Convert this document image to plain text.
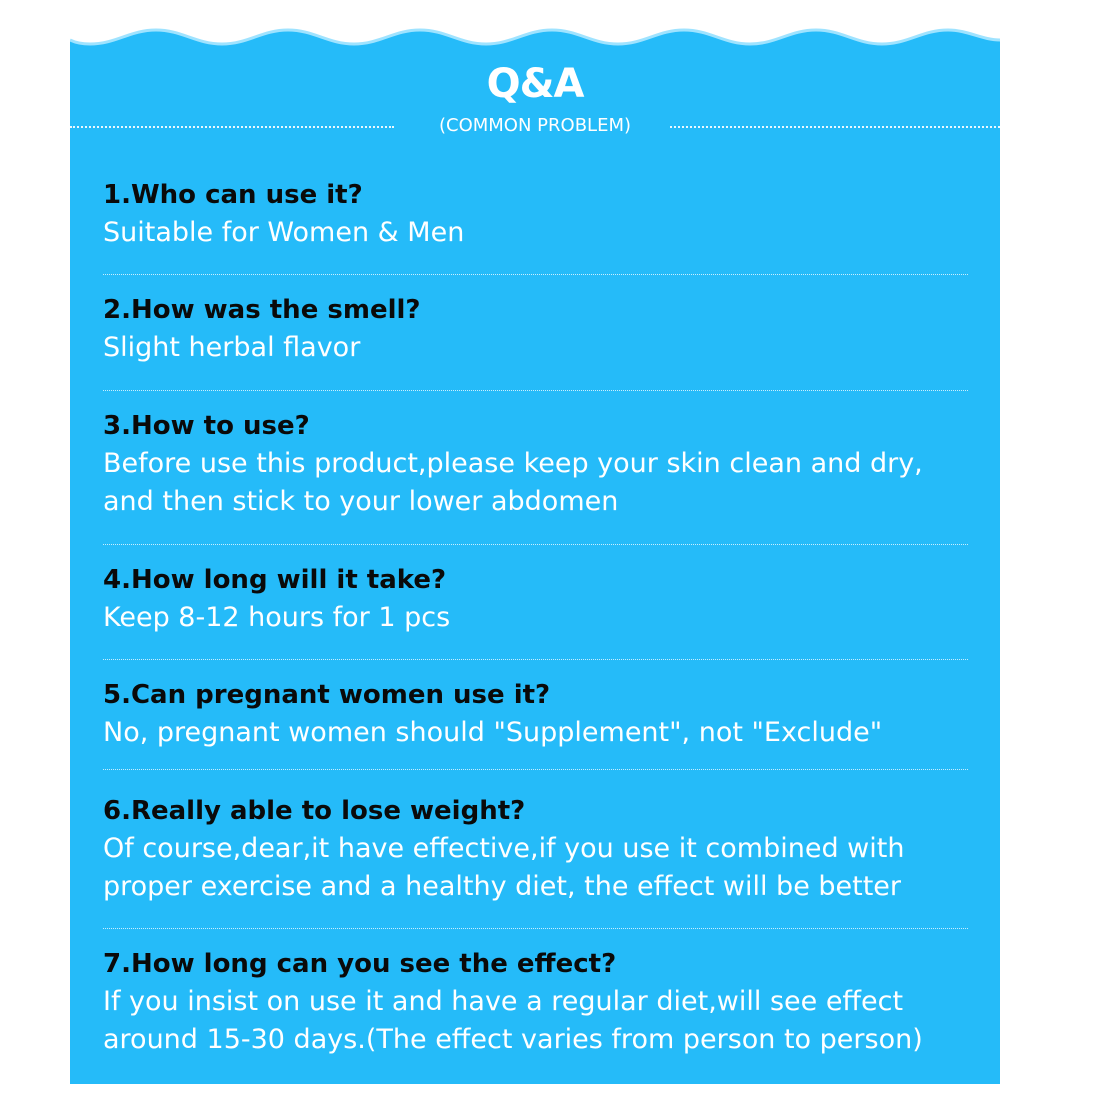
Q&A
(COMMON PROBLEM)

1.Who can use it?

Suitable for Women & Men

2.How was the smell?

Slight herbal flavor

3.How to use?

Before use this product,please keep your skin clean and dry,

and then stick to your lower abdomen

4.How long will it take?

Keep 8-12 hours for 1 pcs

5.Can pregnant women use it?

No, pregnant women should "Supplement", not "Exclude"

6.Really able to lose weight?

Of course,dear,it have effective,if you use it combined with

proper exercise and a healthy diet, the effect will be better

7.How long can you see the effect?

If you insist on use it and have a regular diet,will see effect

around 15-30 days.(The effect varies from person to person)
